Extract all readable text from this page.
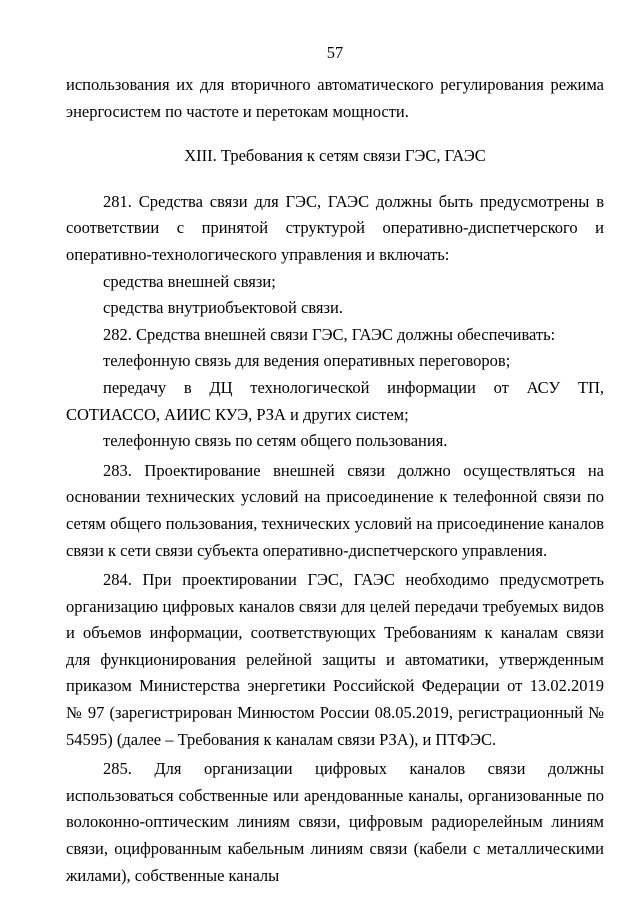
57

использования их для вторичного автоматического регулирования режима энергосистем по частоте и перетокам мощности.

XIII. Требования к сетям связи ГЭС, ГАЭС

281. Средства связи для ГЭС, ГАЭС должны быть предусмотрены в соответствии с принятой структурой оперативно-диспетчерского и оперативно-технологического управления и включать:

средства внешней связи;

средства внутриобъектовой связи.

282. Средства внешней связи ГЭС, ГАЭС должны обеспечивать:

телефонную связь для ведения оперативных переговоров;

передачу в ДЦ технологической информации от АСУ ТП, СОТИАССО, АИИС КУЭ, РЗА и других систем;

телефонную связь по сетям общего пользования.

283. Проектирование внешней связи должно осуществляться на основании технических условий на присоединение к телефонной связи по сетям общего пользования, технических условий на присоединение каналов связи к сети связи субъекта оперативно-диспетчерского управления.

284. При проектировании ГЭС, ГАЭС необходимо предусмотреть организацию цифровых каналов связи для целей передачи требуемых видов и объемов информации, соответствующих Требованиям к каналам связи для функционирования релейной защиты и автоматики, утвержденным приказом Министерства энергетики Российской Федерации от 13.02.2019 № 97 (зарегистрирован Минюстом России 08.05.2019, регистрационный № 54595) (далее – Требования к каналам связи РЗА), и ПТФЭС.

285. Для организации цифровых каналов связи должны использоваться собственные или арендованные каналы, организованные по волоконно-оптическим линиям связи, цифровым радиорелейным линиям связи, оцифрованным кабельным линиям связи (кабели с металлическими жилами), собственные каналы
